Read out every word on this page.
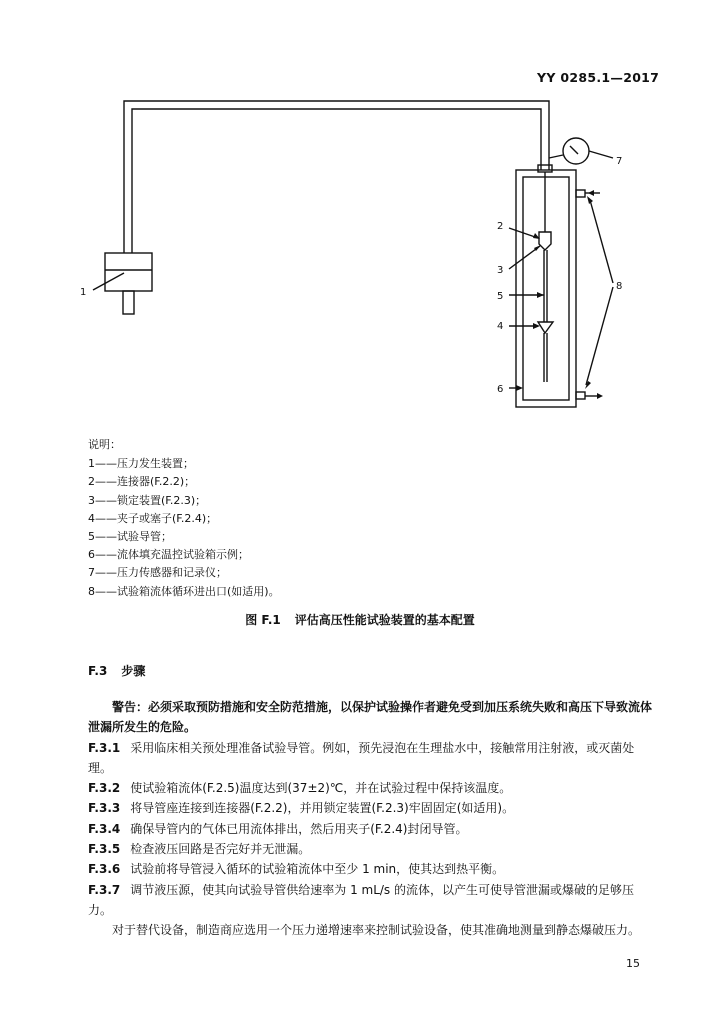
YY 0285.1—2017
1
2
3
5
4
6
7
8
说明：
1——压力发生装置；
2——连接器(F.2.2)；
3——锁定装置(F.2.3)；
4——夹子或塞子(F.2.4)；
5——试验导管；
6——流体填充温控试验箱示例；
7——压力传感器和记录仪；
8——试验箱流体循环进出口(如适用)。
图 F.1 评估高压性能试验装置的基本配置
F.3 步骤

警告：必须采取预防措施和安全防范措施，以保护试验操作者避免受到加压系统失败和高压下导致流体泄漏所发生的危险。

F.3.1 采用临床相关预处理准备试验导管。例如，预先浸泡在生理盐水中，接触常用注射液，或灭菌处理。

F.3.2 使试验箱流体(F.2.5)温度达到(37±2)℃，并在试验过程中保持该温度。

F.3.3 将导管座连接到连接器(F.2.2)，并用锁定装置(F.2.3)牢固固定(如适用)。

F.3.4 确保导管内的气体已用流体排出，然后用夹子(F.2.4)封闭导管。

F.3.5 检查液压回路是否完好并无泄漏。

F.3.6 试验前将导管浸入循环的试验箱流体中至少 1 min，使其达到热平衡。

F.3.7 调节液压源，使其向试验导管供给速率为 1 mL/s 的流体，以产生可使导管泄漏或爆破的足够压力。

对于替代设备，制造商应选用一个压力递增速率来控制试验设备，使其准确地测量到静态爆破压力。

15
